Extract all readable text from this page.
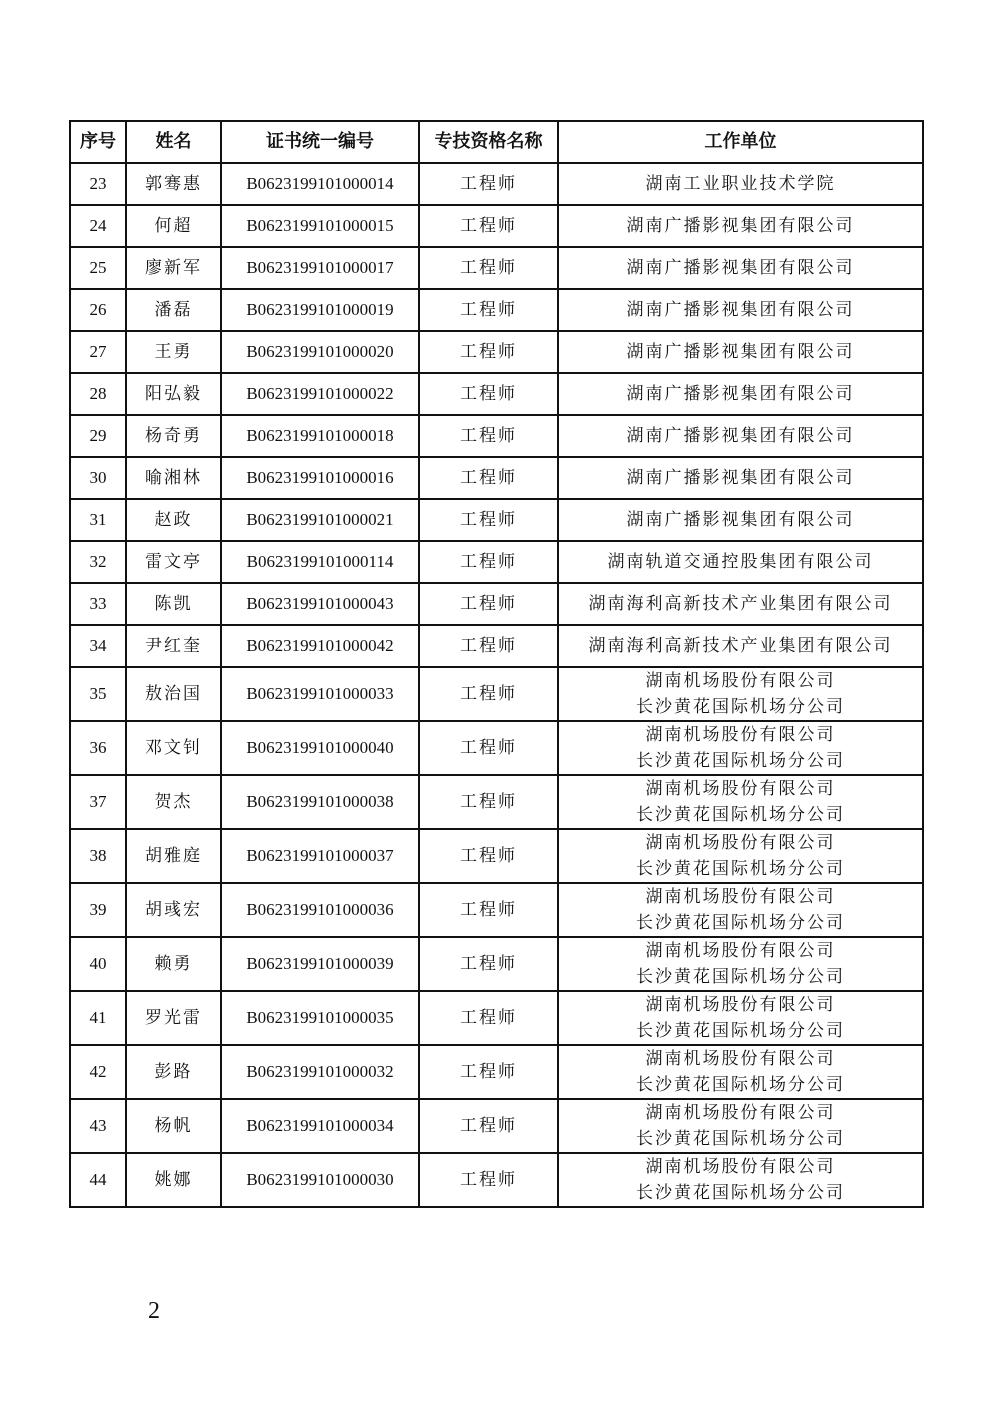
序号	姓名	证书统一编号	专技资格名称	工作单位
23	郭骞惠	B0623199101000014	工程师	湖南工业职业技术学院

24	何超	B0623199101000015	工程师	湖南广播影视集团有限公司

25	廖新军	B0623199101000017	工程师	湖南广播影视集团有限公司

26	潘磊	B0623199101000019	工程师	湖南广播影视集团有限公司

27	王勇	B0623199101000020	工程师	湖南广播影视集团有限公司

28	阳弘毅	B0623199101000022	工程师	湖南广播影视集团有限公司

29	杨奇勇	B0623199101000018	工程师	湖南广播影视集团有限公司

30	喻湘林	B0623199101000016	工程师	湖南广播影视集团有限公司

31	赵政	B0623199101000021	工程师	湖南广播影视集团有限公司

32	雷文亭	B0623199101000114	工程师	湖南轨道交通控股集团有限公司

33	陈凯	B0623199101000043	工程师	湖南海利高新技术产业集团有限公司

34	尹红奎	B0623199101000042	工程师	湖南海利高新技术产业集团有限公司

35	敖治国	B0623199101000033	工程师	湖南机场股份有限公司
长沙黄花国际机场分公司

36	邓文钊	B0623199101000040	工程师	湖南机场股份有限公司
长沙黄花国际机场分公司

37	贺杰	B0623199101000038	工程师	湖南机场股份有限公司
长沙黄花国际机场分公司

38	胡雅庭	B0623199101000037	工程师	湖南机场股份有限公司
长沙黄花国际机场分公司

39	胡彧宏	B0623199101000036	工程师	湖南机场股份有限公司
长沙黄花国际机场分公司

40	赖勇	B0623199101000039	工程师	湖南机场股份有限公司
长沙黄花国际机场分公司

41	罗光雷	B0623199101000035	工程师	湖南机场股份有限公司
长沙黄花国际机场分公司

42	彭路	B0623199101000032	工程师	湖南机场股份有限公司
长沙黄花国际机场分公司

43	杨帆	B0623199101000034	工程师	湖南机场股份有限公司
长沙黄花国际机场分公司

44	姚娜	B0623199101000030	工程师	湖南机场股份有限公司
长沙黄花国际机场分公司
2
